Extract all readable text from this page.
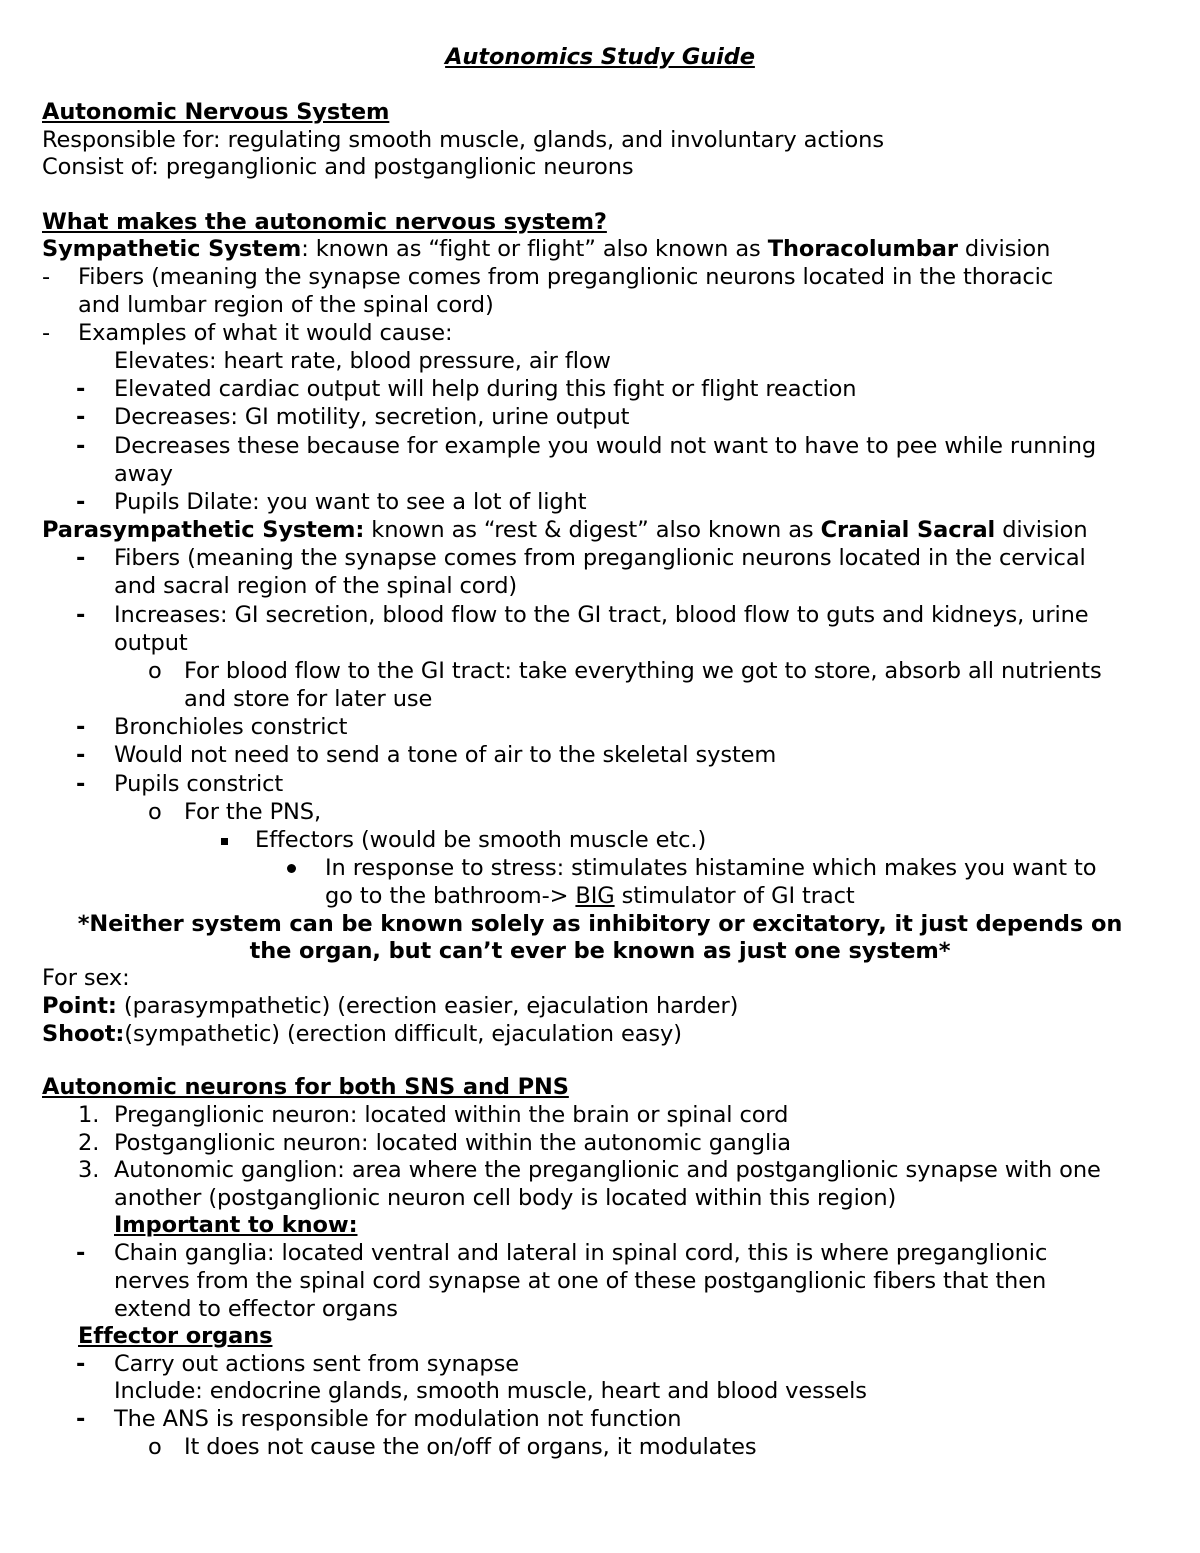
Autonomics Study Guide
Autonomic Nervous System
Responsible for: regulating smooth muscle, glands, and involuntary actions
Consist of: preganglionic and postganglionic neurons
What makes the autonomic nervous system?
Sympathetic System: known as “fight or flight” also known as Thoracolumbar division
- Fibers (meaning the synapse comes from preganglionic neurons located in the thoracic
and lumbar region of the spinal cord)
- Examples of what it would cause:
Elevates: heart rate, blood pressure, air flow
- Elevated cardiac output will help during this fight or flight reaction
- Decreases: GI motility, secretion, urine output
- Decreases these because for example you would not want to have to pee while running
away
- Pupils Dilate: you want to see a lot of light
Parasympathetic System: known as “rest & digest” also known as Cranial Sacral division
- Fibers (meaning the synapse comes from preganglionic neurons located in the cervical
and sacral region of the spinal cord)
- Increases: GI secretion, blood flow to the GI tract, blood flow to guts and kidneys, urine
output
o For blood flow to the GI tract: take everything we got to store, absorb all nutrients
and store for later use
- Bronchioles constrict
- Would not need to send a tone of air to the skeletal system
- Pupils constrict
o For the PNS,
Effectors (would be smooth muscle etc.)
In response to stress: stimulates histamine which makes you want to
go to the bathroom-> BIG stimulator of GI tract
*Neither system can be known solely as inhibitory or excitatory, it just depends on
the organ, but can’t ever be known as just one system*
For sex:
Point: (parasympathetic) (erection easier, ejaculation harder)
Shoot:(sympathetic) (erection difficult, ejaculation easy)
Autonomic neurons for both SNS and PNS
1. Preganglionic neuron: located within the brain or spinal cord
2. Postganglionic neuron: located within the autonomic ganglia
3. Autonomic ganglion: area where the preganglionic and postganglionic synapse with one
another (postganglionic neuron cell body is located within this region)
Important to know:
- Chain ganglia: located ventral and lateral in spinal cord, this is where preganglionic
nerves from the spinal cord synapse at one of these postganglionic fibers that then
extend to effector organs
Effector organs
- Carry out actions sent from synapse
Include: endocrine glands, smooth muscle, heart and blood vessels
- The ANS is responsible for modulation not function
o It does not cause the on/off of organs, it modulates
